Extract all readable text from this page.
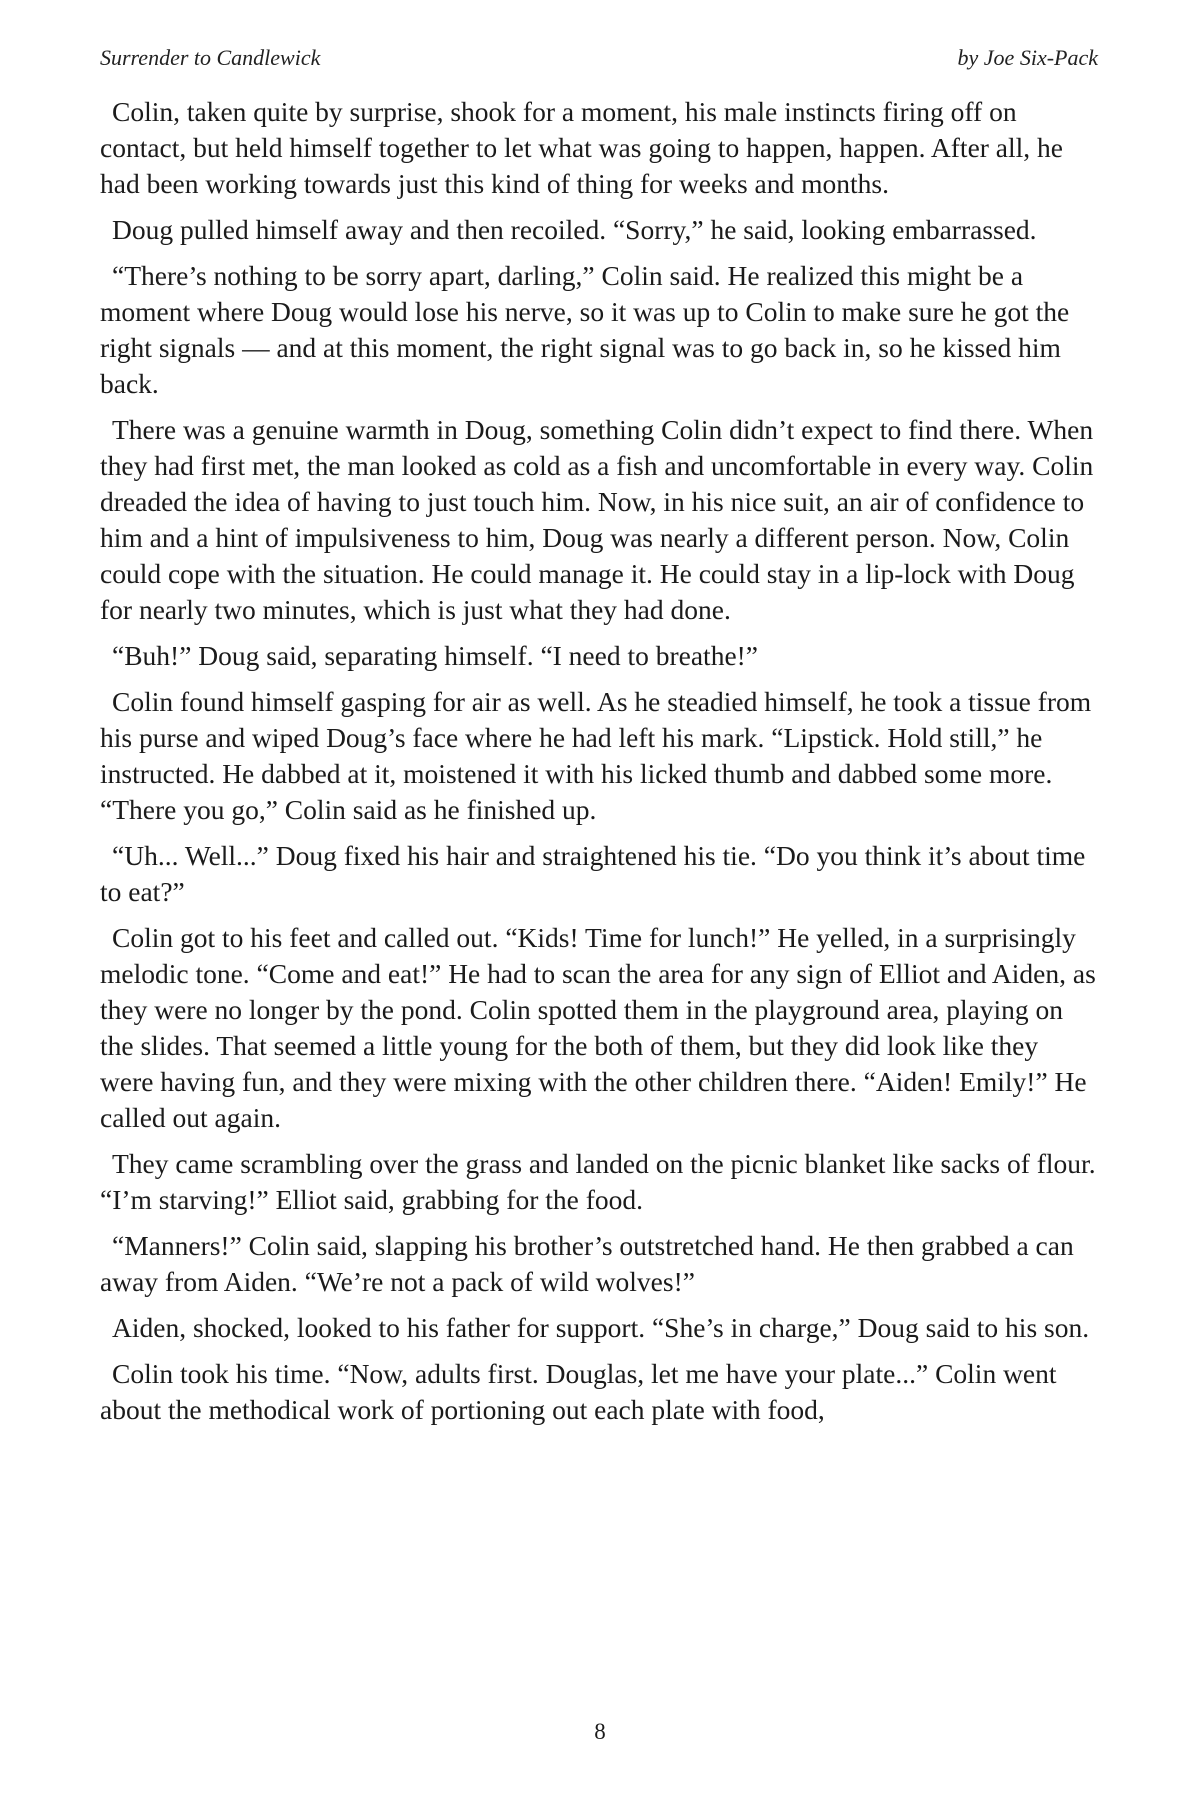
Surrender to Candlewick	by Joe Six-Pack

Colin, taken quite by surprise, shook for a moment, his male instincts firing off on contact, but held himself together to let what was going to happen, happen. After all, he had been working towards just this kind of thing for weeks and months.

Doug pulled himself away and then recoiled. “Sorry,” he said, looking embarrassed.

“There’s nothing to be sorry apart, darling,” Colin said. He realized this might be a moment where Doug would lose his nerve, so it was up to Colin to make sure he got the right signals — and at this moment, the right signal was to go back in, so he kissed him back.

There was a genuine warmth in Doug, something Colin didn’t expect to find there. When they had first met, the man looked as cold as a fish and uncomfortable in every way. Colin dreaded the idea of having to just touch him. Now, in his nice suit, an air of confidence to him and a hint of impulsiveness to him, Doug was nearly a different person. Now, Colin could cope with the situation. He could manage it. He could stay in a lip-lock with Doug for nearly two minutes, which is just what they had done.

“Buh!” Doug said, separating himself. “I need to breathe!”

Colin found himself gasping for air as well. As he steadied himself, he took a tissue from his purse and wiped Doug’s face where he had left his mark. “Lipstick. Hold still,” he instructed. He dabbed at it, moistened it with his licked thumb and dabbed some more. “There you go,” Colin said as he finished up.

“Uh... Well...” Doug fixed his hair and straightened his tie. “Do you think it’s about time to eat?”

Colin got to his feet and called out. “Kids! Time for lunch!” He yelled, in a surprisingly melodic tone. “Come and eat!” He had to scan the area for any sign of Elliot and Aiden, as they were no longer by the pond. Colin spotted them in the playground area, playing on the slides. That seemed a little young for the both of them, but they did look like they were having fun, and they were mixing with the other children there. “Aiden! Emily!” He called out again.

They came scrambling over the grass and landed on the picnic blanket like sacks of flour. “I’m starving!” Elliot said, grabbing for the food.

“Manners!” Colin said, slapping his brother’s outstretched hand. He then grabbed a can away from Aiden. “We’re not a pack of wild wolves!”

Aiden, shocked, looked to his father for support. “She’s in charge,” Doug said to his son.

Colin took his time. “Now, adults first. Douglas, let me have your plate...” Colin went about the methodical work of portioning out each plate with food,

8
